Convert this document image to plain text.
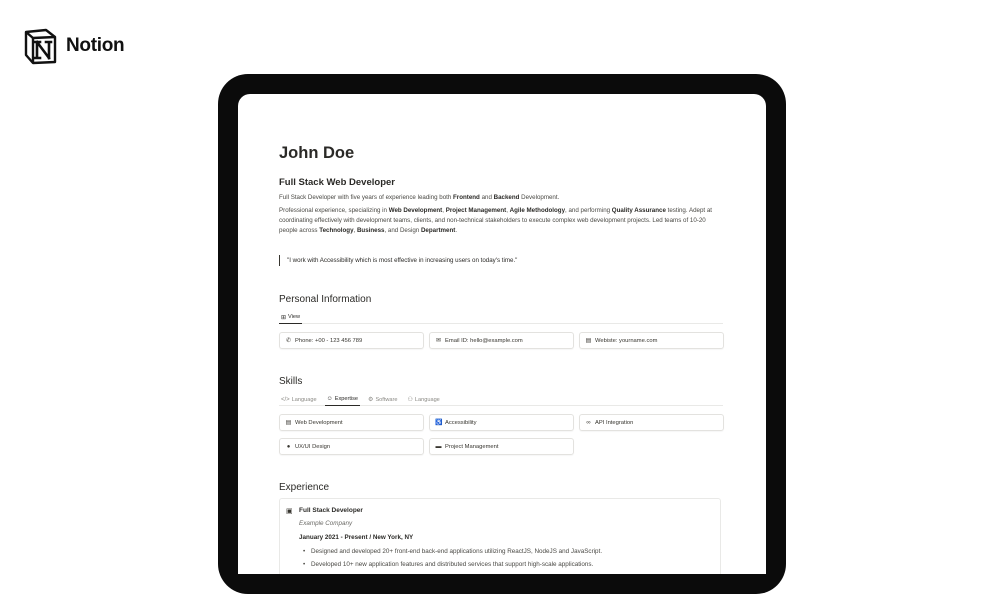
Notion
John Doe
Full Stack Web Developer
Full Stack Developer with five years of experience leading both Frontend and Backend Development.
Professional experience, specializing in Web Development, Project Management, Agile Methodology, and performing Quality Assurance testing. Adept at coordinating effectively with development teams, clients, and non-technical stakeholders to execute complex web development projects. Led teams of 10-20 people across Technology, Business, and Design Department.
"I work with Accessibility which is most effective in increasing users on today's time."
Personal Information
⊞ View
✆ Phone: +00 - 123 456 789	✉ Email ID: hello@example.com	▤ Webiste: yourname.com
Skills
</> Language ☺ Expertise ⚙ Software ⚇ Language
▤ Web Development	♿ Accessibility	∞ API Integration
● UX/UI Design	▬ Project Management
Experience
▣ Full Stack Developer
Example Company
January 2021 - Present / New York, NY
• Designed and developed 20+ front-end back-end applications utilizing ReactJS, NodeJS and JavaScript.
• Developed 10+ new application features and distributed services that support high-scale applications.
